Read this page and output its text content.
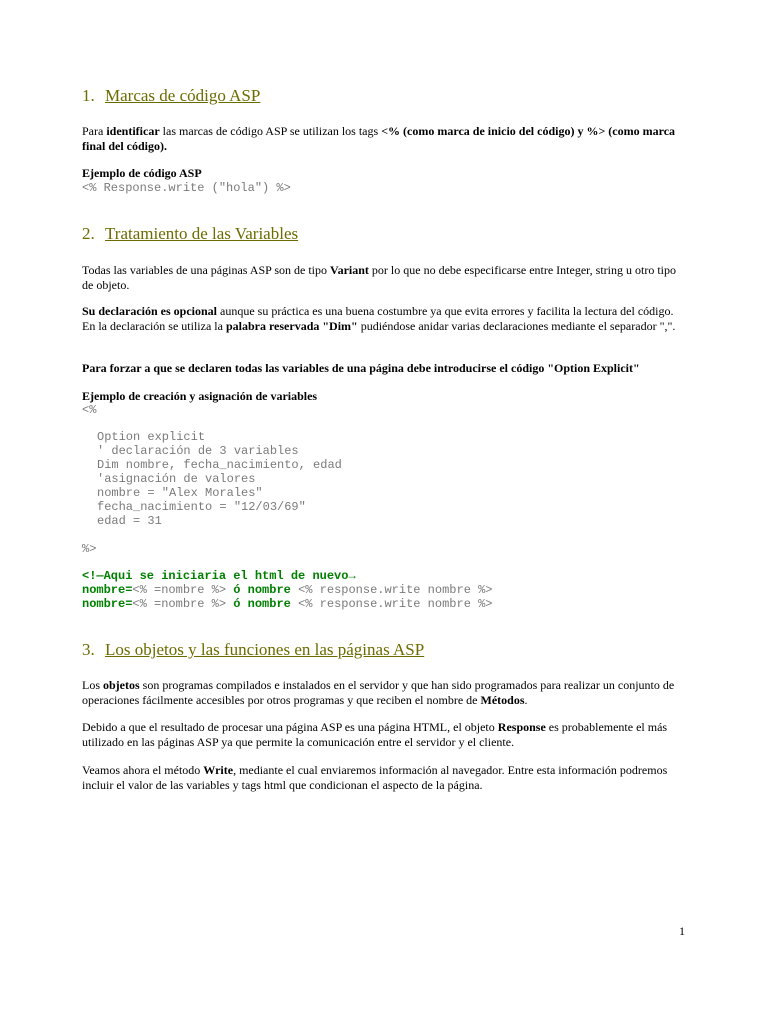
1. Marcas de código ASP
Para identificar las marcas de código ASP se utilizan los tags <% (como marca de inicio del código) y %> (como marca final del código).
Ejemplo de código ASP
<% Response.write ("hola") %>
2. Tratamiento de las Variables
Todas las variables de una páginas ASP son de tipo Variant por lo que no debe especificarse entre Integer, string u otro tipo de objeto.
Su declaración es opcional aunque su práctica es una buena costumbre ya que evita errores y facilita la lectura del código. En la declaración se utiliza la palabra reservada "Dim" pudiéndose anidar varias declaraciones mediante el separador ",".
Para forzar a que se declaren todas las variables de una página debe introducirse el código "Option Explicit"
Ejemplo de creación y asignación de variables
<%
Option explicit
' declaración de 3 variables
Dim nombre, fecha_nacimiento, edad
'asignación de valores
nombre = "Alex Morales"
fecha_nacimiento = "12/03/69"
edad = 31
%>
<!—Aqui se iniciaria el html de nuevo→
nombre=<% =nombre %> ó nombre <% response.write nombre %>
nombre=<% =nombre %> ó nombre <% response.write nombre %>
3. Los objetos y las funciones en las páginas ASP
Los objetos son programas compilados e instalados en el servidor y que han sido programados para realizar un conjunto de operaciones fácilmente accesibles por otros programas y que reciben el nombre de Métodos.
Debido a que el resultado de procesar una página ASP es una página HTML, el objeto Response es probablemente el más utilizado en las páginas ASP ya que permite la comunicación entre el servidor y el cliente.
Veamos ahora el método Write, mediante el cual enviaremos información al navegador. Entre esta información podremos incluir el valor de las variables y tags html que condicionan el aspecto de la página.
1
